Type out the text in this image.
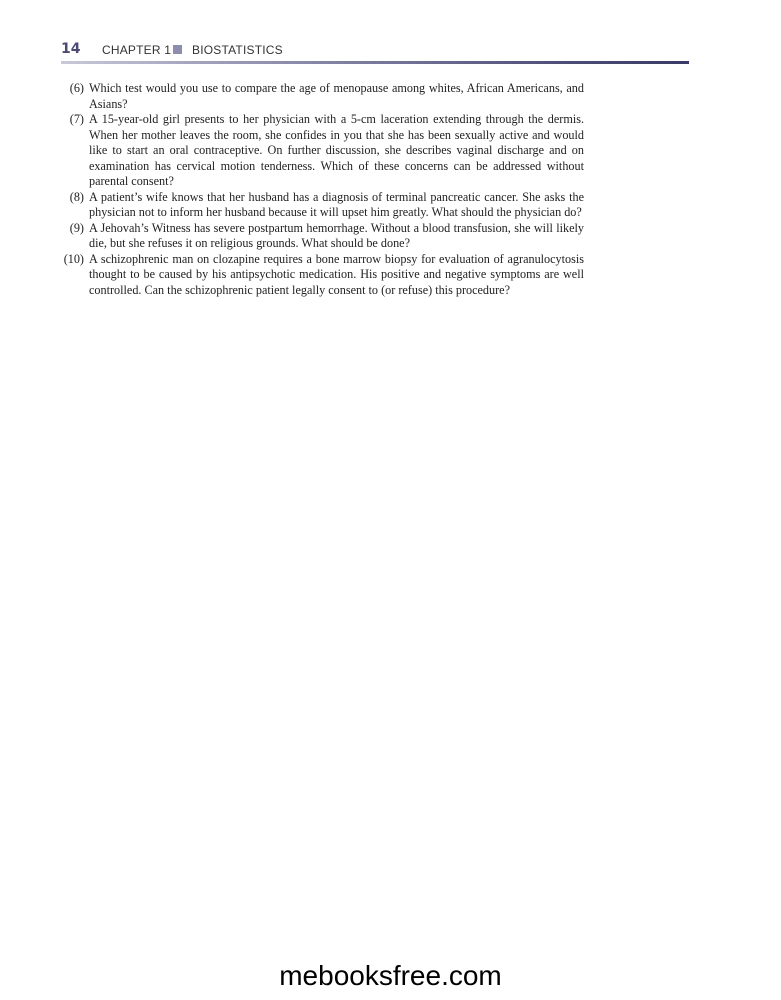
14 CHAPTER 1 BIOSTATISTICS
(6) Which test would you use to compare the age of menopause among whites, African Americans, and Asians?
(7) A 15-year-old girl presents to her physician with a 5-cm laceration extending through the dermis. When her mother leaves the room, she confides in you that she has been sexually active and would like to start an oral contraceptive. On further discussion, she describes vaginal discharge and on examination has cervical motion tenderness. Which of these concerns can be addressed without parental consent?
(8) A patient’s wife knows that her husband has a diagnosis of terminal pancreatic cancer. She asks the physician not to inform her husband because it will upset him greatly. What should the physician do?
(9) A Jehovah’s Witness has severe postpartum hemorrhage. Without a blood transfusion, she will likely die, but she refuses it on religious grounds. What should be done?
(10) A schizophrenic man on clozapine requires a bone marrow biopsy for evaluation of agranulocytosis thought to be caused by his antipsychotic medication. His positive and negative symptoms are well controlled. Can the schizophrenic patient legally consent to (or refuse) this procedure?
mebooksfree.com
